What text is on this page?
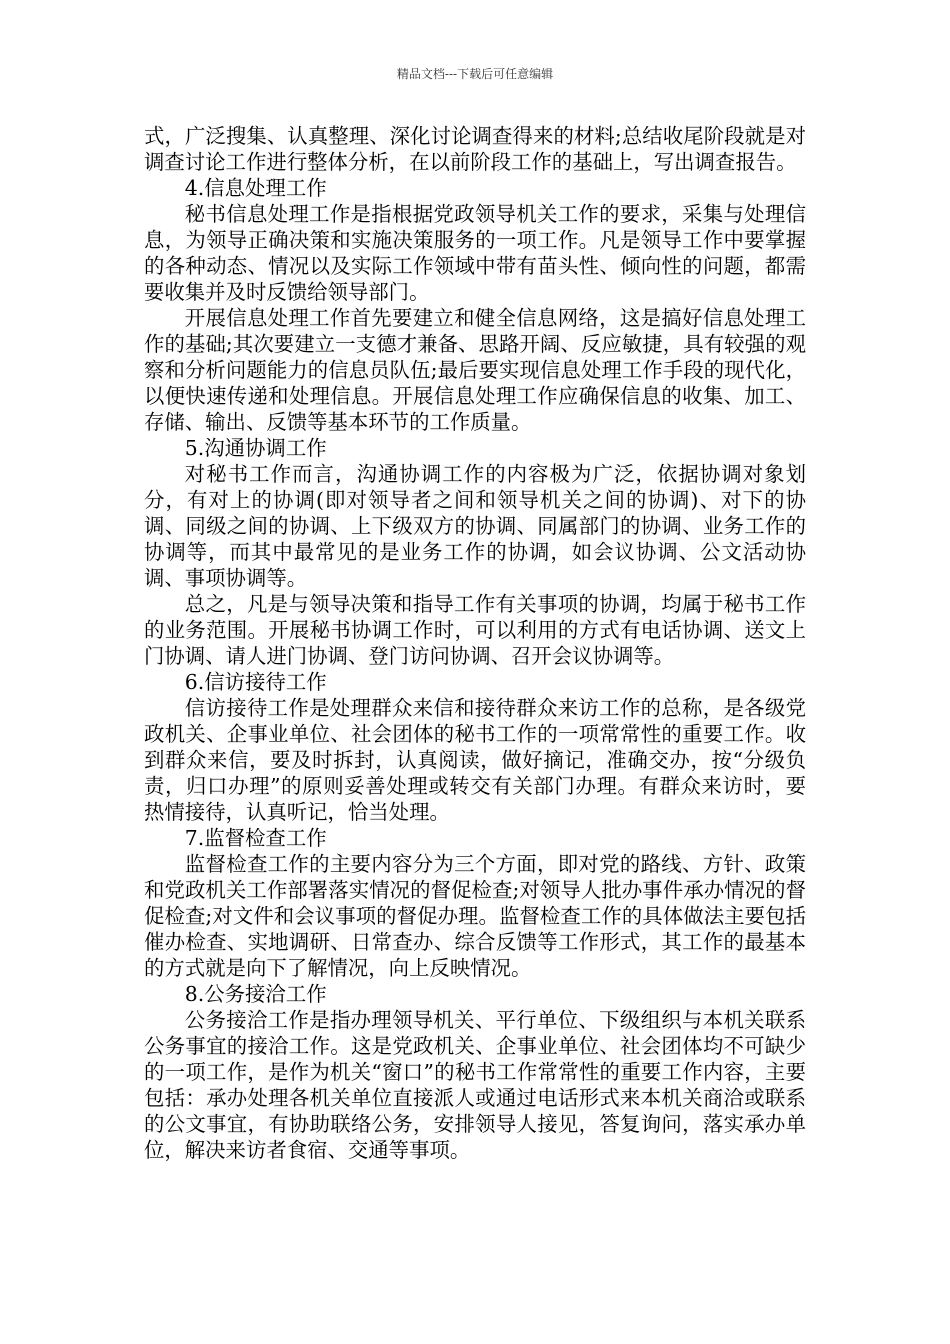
精品文档---下载后可任意编辑

式，广泛搜集、认真整理、深化讨论调查得来的材料;总结收尾阶段就是对调查讨论工作进行整体分析，在以前阶段工作的基础上，写出调查报告。

4.信息处理工作

秘书信息处理工作是指根据党政领导机关工作的要求，采集与处理信息，为领导正确决策和实施决策服务的一项工作。凡是领导工作中要掌握的各种动态、情况以及实际工作领域中带有苗头性、倾向性的问题，都需要收集并及时反馈给领导部门。

开展信息处理工作首先要建立和健全信息网络，这是搞好信息处理工作的基础;其次要建立一支德才兼备、思路开阔、反应敏捷，具有较强的观察和分析问题能力的信息员队伍;最后要实现信息处理工作手段的现代化，以便快速传递和处理信息。开展信息处理工作应确保信息的收集、加工、存储、输出、反馈等基本环节的工作质量。

5.沟通协调工作

对秘书工作而言，沟通协调工作的内容极为广泛，依据协调对象划分，有对上的协调(即对领导者之间和领导机关之间的协调)、对下的协调、同级之间的协调、上下级双方的协调、同属部门的协调、业务工作的协调等，而其中最常见的是业务工作的协调，如会议协调、公文活动协调、事项协调等。

总之，凡是与领导决策和指导工作有关事项的协调，均属于秘书工作的业务范围。开展秘书协调工作时，可以利用的方式有电话协调、送文上门协调、请人进门协调、登门访问协调、召开会议协调等。

6.信访接待工作

信访接待工作是处理群众来信和接待群众来访工作的总称，是各级党政机关、企事业单位、社会团体的秘书工作的一项常常性的重要工作。收到群众来信，要及时拆封，认真阅读，做好摘记，准确交办，按“分级负责，归口办理”的原则妥善处理或转交有关部门办理。有群众来访时，要热情接待，认真听记，恰当处理。

7.监督检查工作

监督检查工作的主要内容分为三个方面，即对党的路线、方针、政策和党政机关工作部署落实情况的督促检查;对领导人批办事件承办情况的督促检查;对文件和会议事项的督促办理。监督检查工作的具体做法主要包括催办检查、实地调研、日常查办、综合反馈等工作形式，其工作的最基本的方式就是向下了解情况，向上反映情况。

8.公务接洽工作

公务接洽工作是指办理领导机关、平行单位、下级组织与本机关联系公务事宜的接洽工作。这是党政机关、企事业单位、社会团体均不可缺少的一项工作，是作为机关“窗口”的秘书工作常常性的重要工作内容，主要包括：承办处理各机关单位直接派人或通过电话形式来本机关商洽或联系的公文事宜，有协助联络公务，安排领导人接见，答复询问，落实承办单位，解决来访者食宿、交通等事项。
